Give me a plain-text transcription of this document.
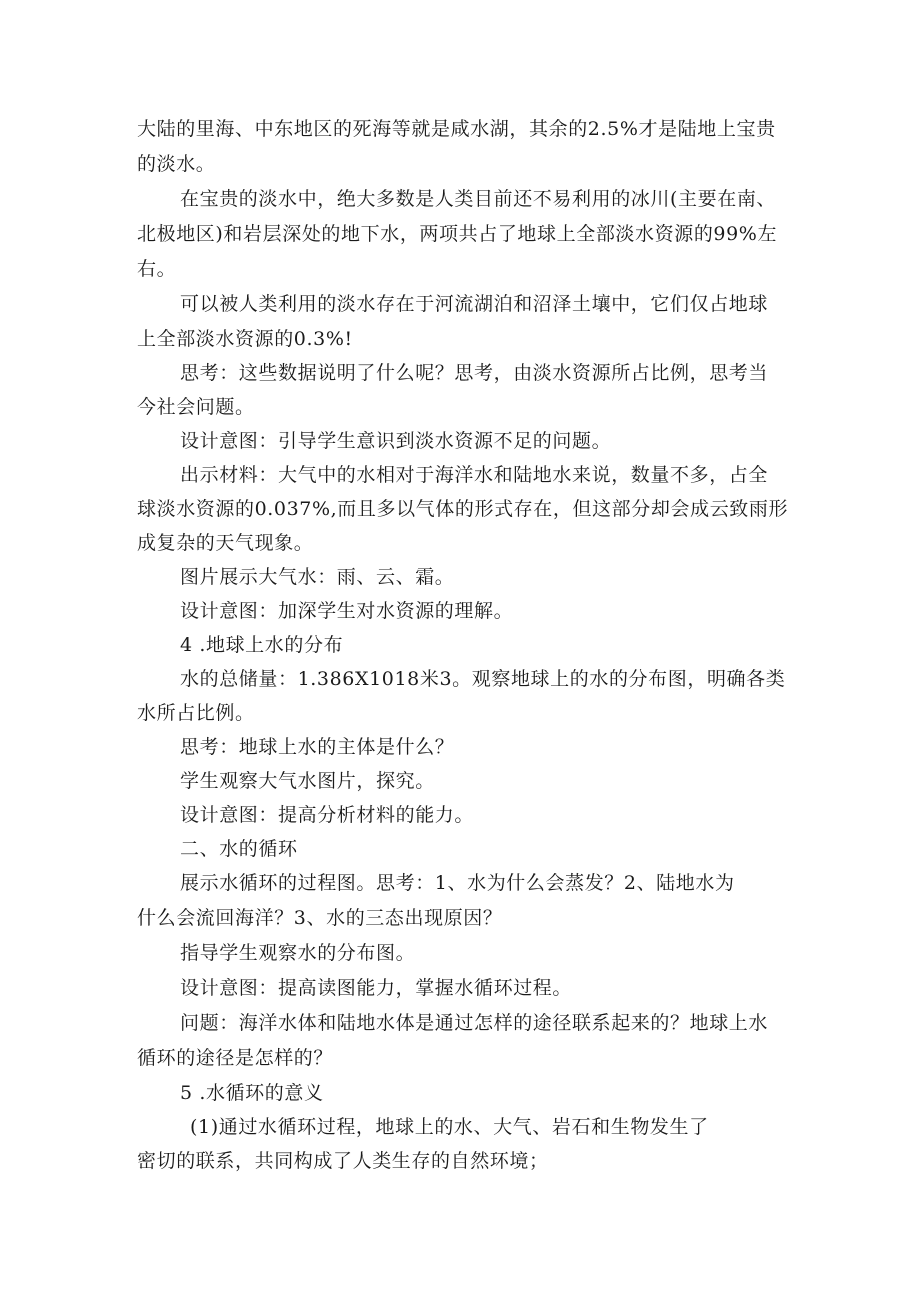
大陆的里海、中东地区的死海等就是咸水湖，其余的2.5%才是陆地上宝贵
的淡水。
在宝贵的淡水中，绝大多数是人类目前还不易利用的冰川(主要在南、
北极地区)和岩层深处的地下水，两项共占了地球上全部淡水资源的99%左
右。
可以被人类利用的淡水存在于河流湖泊和沼泽土壤中，它们仅占地球
上全部淡水资源的0.3%!
思考：这些数据说明了什么呢？思考，由淡水资源所占比例，思考当
今社会问题。
设计意图：引导学生意识到淡水资源不足的问题。
出示材料：大气中的水相对于海洋水和陆地水来说，数量不多，占全
球淡水资源的0.037%,而且多以气体的形式存在，但这部分却会成云致雨形
成复杂的天气现象。
图片展示大气水：雨、云、霜。
设计意图：加深学生对水资源的理解。
4 .地球上水的分布
水的总储量：1.386X1018米3。观察地球上的水的分布图，明确各类
水所占比例。
思考：地球上水的主体是什么？
学生观察大气水图片，探究。
设计意图：提高分析材料的能力。
二、水的循环
展示水循环的过程图。思考：1、水为什么会蒸发？2、陆地水为
什么会流回海洋？3、水的三态出现原因？
指导学生观察水的分布图。
设计意图：提高读图能力，掌握水循环过程。
问题：海洋水体和陆地水体是通过怎样的途径联系起来的？地球上水
循环的途径是怎样的？
5 .水循环的意义
(1)通过水循环过程，地球上的水、大气、岩石和生物发生了
密切的联系，共同构成了人类生存的自然环境；
